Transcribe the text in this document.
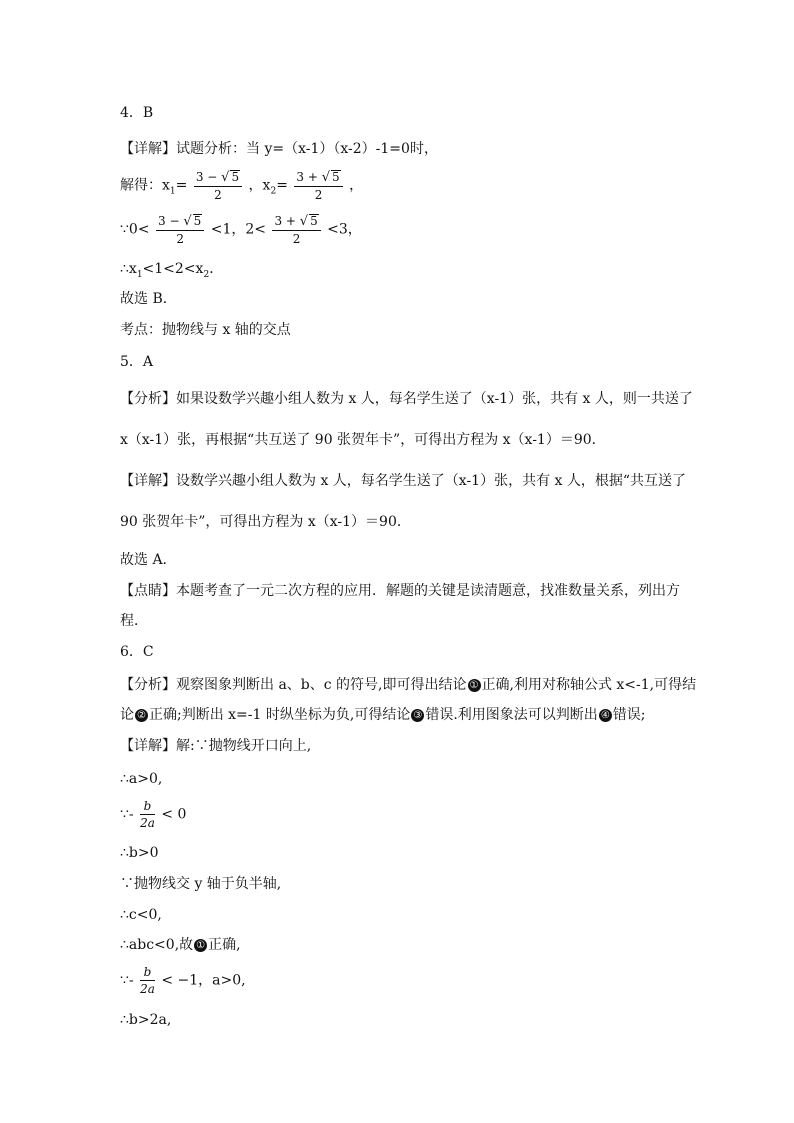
4．B
【详解】试题分析：当 y=（x-1）（x-2）-1=0时，
解得：$x_1= \frac{3 - √ 5}{2}$ ，$x_2= \frac{3 + √ 5}{2}$ ，
∵0< $\frac{3 - √ 5}{2} <1$，$2< \frac{3 + √ 5}{2} <3$，
$\therefore x_1<1<2<x_2$．
故选 B．
考点：抛物线与 x 轴的交点
5．A
【分析】如果设数学兴趣小组人数为 x 人，每名学生送了（x-1）张，共有 x 人，则一共送了
x（x-1）张，再根据“共互送了 90 张贺年卡”，可得出方程为 x（x-1）＝90．
【详解】设数学兴趣小组人数为 x 人，每名学生送了（x-1）张，共有 x 人，根据“共互送了
90 张贺年卡”，可得出方程为 x（x-1）＝90．
故选 A．
【点睛】本题考查了一元二次方程的应用．解题的关键是读清题意，找准数量关系，列出方
程．
6．C
【分析】观察图象判断出 a、b、c 的符号,即可得出结论 ① 正确,利用对称轴公式 x<-1,可得结
论 ② 正确;判断出 x=-1 时纵坐标为负,可得结论 ③ 错误.利用图象法可以判断出 ④ 错误;
【详解】解:∵抛物线开口向上,
∴a>0,
∵- $\frac{b}{2a} < 0$
∴b>0
∵抛物线交 y 轴于负半轴,
∴c<0,
∴abc<0,故 ① 正确,
∵- $\frac{b}{2a} < -1$，a>0,
∴b>2a,
